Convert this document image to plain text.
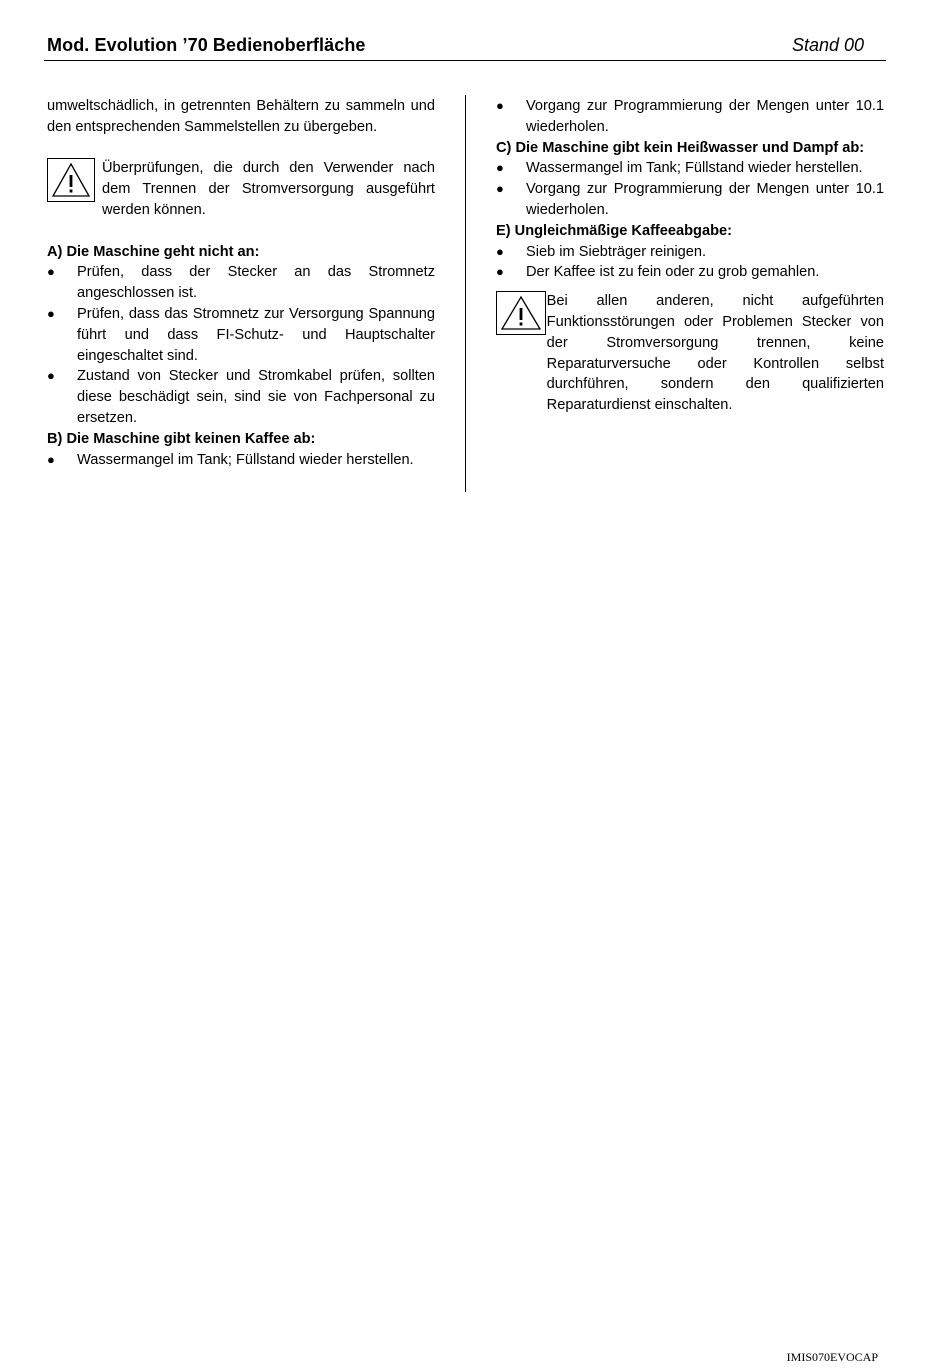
Mod. Evolution ’70 Bedienoberfläche	Stand 00

umweltschädlich, in getrennten Behältern zu sammeln und den entsprechenden Sammelstellen zu übergeben.

Überprüfungen, die durch den Verwender nach dem Trennen der Stromversorgung ausgeführt werden können.
A) Die Maschine geht nicht an:
● Prüfen, dass der Stecker an das Stromnetz angeschlossen ist.
● Prüfen, dass das Stromnetz zur Versorgung Spannung führt und dass FI-Schutz- und Hauptschalter eingeschaltet sind.
● Zustand von Stecker und Stromkabel prüfen, sollten diese beschädigt sein, sind sie von Fachpersonal zu ersetzen.
B) Die Maschine gibt keinen Kaffee ab:
● Wassermangel im Tank; Füllstand wieder herstellen.
● Vorgang zur Programmierung der Mengen unter 10.1 wiederholen.
C) Die Maschine gibt kein Heißwasser und Dampf ab:
● Wassermangel im Tank; Füllstand wieder herstellen.
● Vorgang zur Programmierung der Mengen unter 10.1 wiederholen.
E) Ungleichmäßige Kaffeeabgabe:
● Sieb im Siebträger reinigen.
● Der Kaffee ist zu fein oder zu grob gemahlen.
Bei allen anderen, nicht aufgeführten Funktionsstörungen oder Problemen Stecker von der Stromversorgung trennen, keine Reparaturversuche oder Kontrollen selbst durchführen, sondern den qualifizierten Reparaturdienst einschalten.
IMIS070EVOCAP
